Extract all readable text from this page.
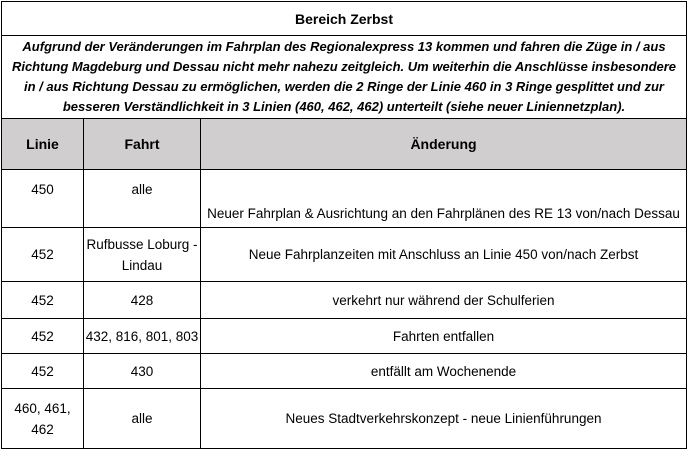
Bereich Zerbst		
Aufgrund der Veränderungen im Fahrplan des Regionalexpress 13 kommen und fahren die Züge in / aus Richtung Magdeburg und Dessau nicht mehr nahezu zeitgleich. Um weiterhin die Anschlüsse insbesondere in / aus Richtung Dessau zu ermöglichen, werden die 2 Ringe der Linie 460 in 3 Ringe gesplittet und zur besseren Verständlichkeit in 3 Linien (460, 462, 462) unterteilt (siehe neuer Liniennetzplan).		
Linie	Fahrt	Änderung
450	alle	Neuer Fahrplan & Ausrichtung an den Fahrplänen des RE 13 von/nach Dessau
452	Rufbusse Loburg - Lindau	Neue Fahrplanzeiten mit Anschluss an Linie 450 von/nach Zerbst
452	428	verkehrt nur während der Schulferien
452	432, 816, 801, 803	Fahrten entfallen
452	430	entfällt am Wochenende
460, 461, 462	alle	Neues Stadtverkehrskonzept - neue Linienführungen
